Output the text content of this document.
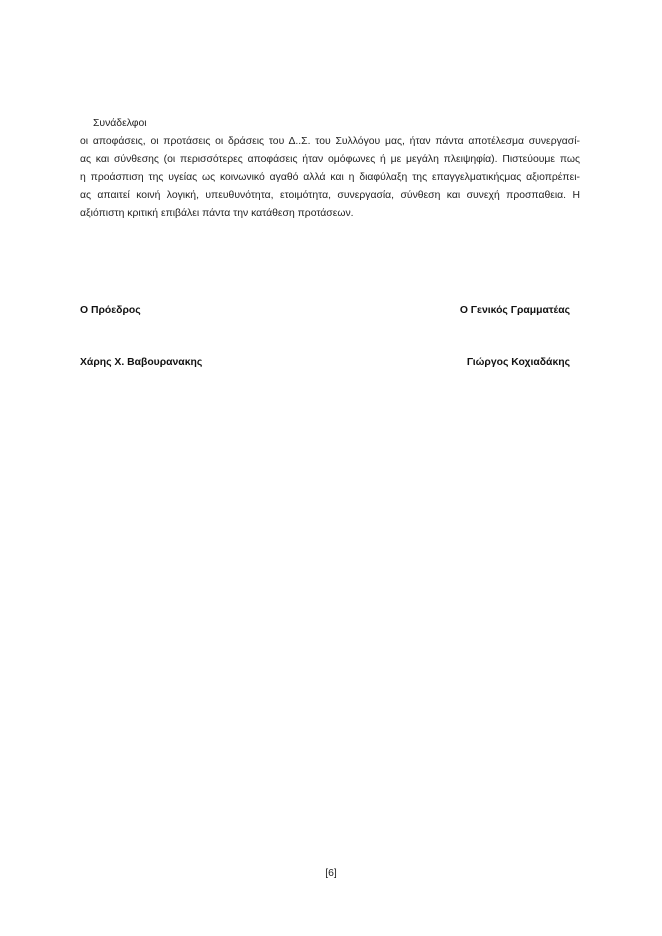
Συνάδελφοι

οι αποφάσεις, οι προτάσεις οι δράσεις του Δ..Σ. του Συλλόγου μας, ήταν πάντα αποτέλεσμα συνεργασί-
ας και σύνθεσης (οι περισσότερες αποφάσεις ήταν ομόφωνες ή με μεγάλη πλειψηφία). Πιστεύουμε πως
η προάσπιση της υγείας ως κοινωνικό αγαθό αλλά και η διαφύλαξη της επαγγελματικήςμας αξιοπρέπει-
ας απαιτεί κοινή λογική, υπευθυνότητα, ετοιμότητα, συνεργασία, σύνθεση και συνεχή προσπαθεια. Η
αξιόπιστη κριτική επιβάλει πάντα την κατάθεση προτάσεων.

Ο Πρόεδρος	Ο Γενικός Γραμματέας
Χάρης Χ. Βαβουρανακης	Γιώργος Κοχιαδάκης
[6]
